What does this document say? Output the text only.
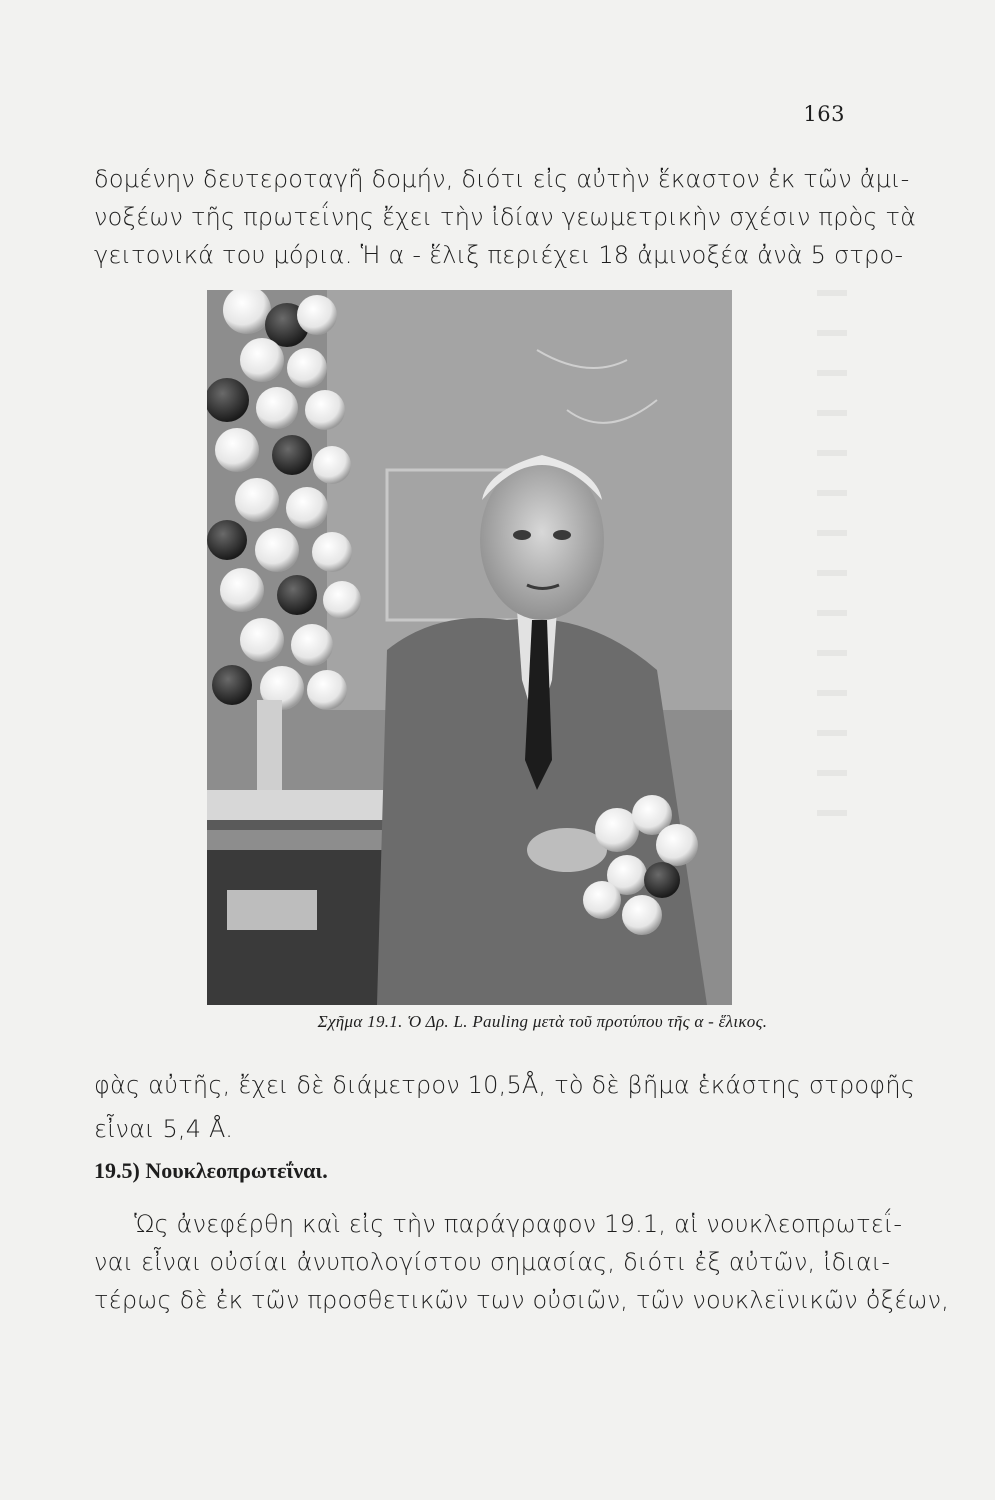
163
δομένην δευτεροταγῆ δομήν, διότι εἰς αὐτὴν ἕκαστον ἐκ τῶν ἀμι-
νοξέων τῆς πρωτεΐνης ἔχει τὴν ἰδίαν γεωμετρικὴν σχέσιν πρὸς τὰ
γειτονικά του μόρια. Ἡ α - ἕλιξ περιέχει 18 ἀμινοξέα ἀνὰ 5 στρο-
Σχῆμα 19.1. Ὁ Δρ. L. Pauling μετὰ τοῦ προτύπου τῆς α - ἕλικος.
φὰς αὐτῆς, ἔχει δὲ διάμετρον 10,5Å, τὸ δὲ βῆμα ἑκάστης στροφῆς
εἶναι 5,4 Å.
19.5) Νουκλεοπρωτεΐναι.
Ὡς ἀνεφέρθη καὶ εἰς τὴν παράγραφον 19.1, αἱ νουκλεοπρωτεΐ-
ναι εἶναι οὐσίαι ἀνυπολογίστου σημασίας, διότι ἐξ αὐτῶν, ἰδιαι-
τέρως δὲ ἐκ τῶν προσθετικῶν των οὐσιῶν, τῶν νουκλεϊνικῶν ὀξέων,
